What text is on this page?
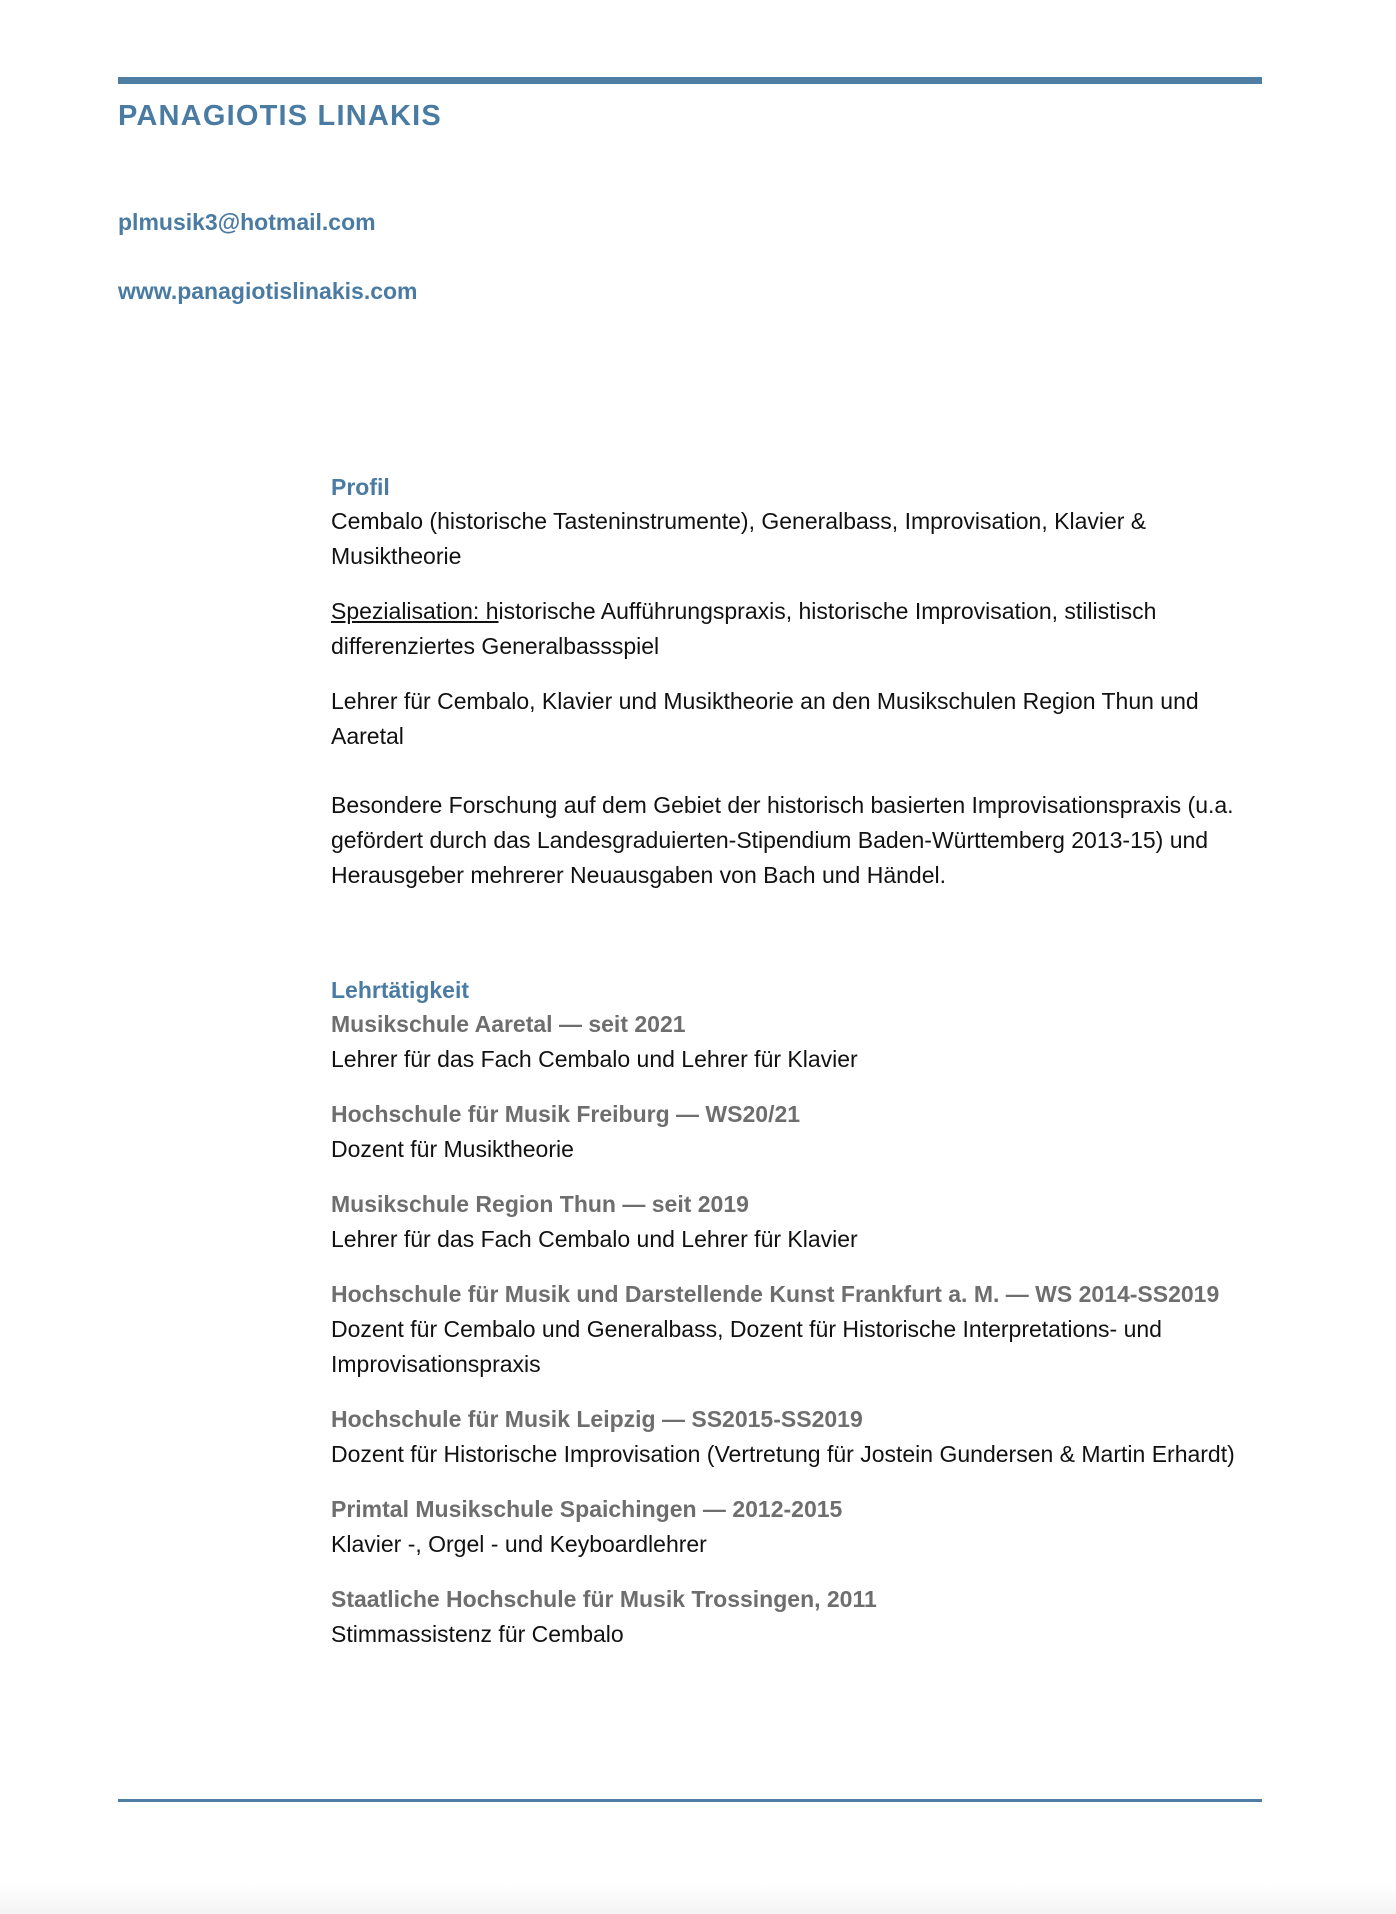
PANAGIOTIS LINAKIS
plmusik3@hotmail.com
www.panagiotislinakis.com
Profil

Cembalo (historische Tasteninstrumente), Generalbass, Improvisation, Klavier & Musiktheorie

Spezialisation: historische Aufführungspraxis, historische Improvisation, stilistisch differenziertes Generalbassspiel

Lehrer für Cembalo, Klavier und Musiktheorie an den Musikschulen Region Thun und Aaretal

Besondere Forschung auf dem Gebiet der historisch basierten Improvisationspraxis (u.a. gefördert durch das Landesgraduierten-Stipendium Baden-Württemberg 2013-15) und Herausgeber mehrerer Neuausgaben von Bach und Händel.

Lehrtätigkeit

Musikschule Aaretal — seit 2021

Lehrer für das Fach Cembalo und Lehrer für Klavier

Hochschule für Musik Freiburg — WS20/21

Dozent für Musiktheorie

Musikschule Region Thun — seit 2019

Lehrer für das Fach Cembalo und Lehrer für Klavier

Hochschule für Musik und Darstellende Kunst Frankfurt a. M. — WS 2014-SS2019

Dozent für Cembalo und Generalbass, Dozent für Historische Interpretations- und Improvisationspraxis

Hochschule für Musik Leipzig — SS2015-SS2019

Dozent für Historische Improvisation (Vertretung für Jostein Gundersen & Martin Erhardt)

Primtal Musikschule Spaichingen — 2012-2015

Klavier -, Orgel - und Keyboardlehrer

Staatliche Hochschule für Musik Trossingen, 2011

Stimmassistenz für Cembalo
